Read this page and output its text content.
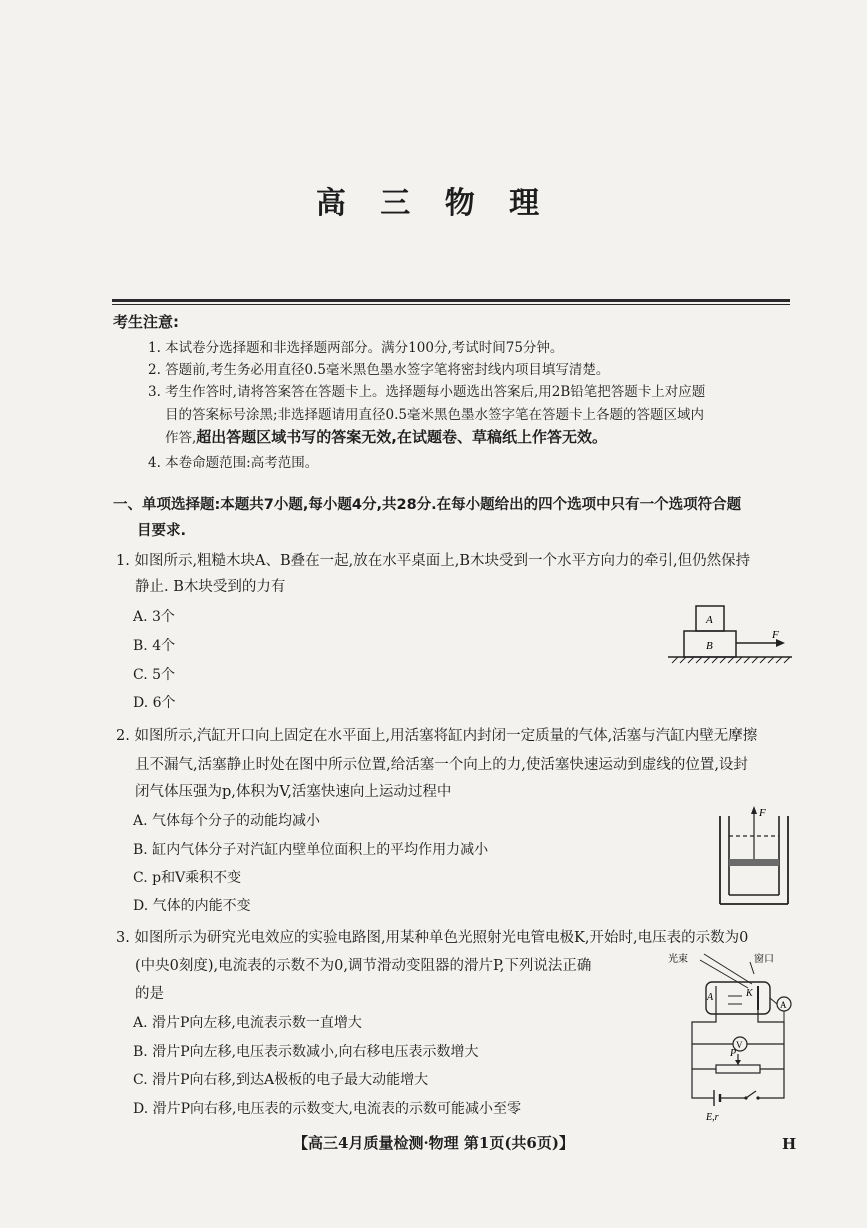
高 三 物 理
考生注意:
1. 本试卷分选择题和非选择题两部分。满分100分,考试时间75分钟。
2. 答题前,考生务必用直径0.5毫米黑色墨水签字笔将密封线内项目填写清楚。
3. 考生作答时,请将答案答在答题卡上。选择题每小题选出答案后,用2B铅笔把答题卡上对应题
目的答案标号涂黑;非选择题请用直径0.5毫米黑色墨水签字笔在答题卡上各题的答题区域内
作答,超出答题区域书写的答案无效,在试题卷、草稿纸上作答无效。
4. 本卷命题范围:高考范围。
一、单项选择题:本题共7小题,每小题4分,共28分.在每小题给出的四个选项中只有一个选项符合题
目要求.
1. 如图所示,粗糙木块A、B叠在一起,放在水平桌面上,B木块受到一个水平方向力的牵引,但仍然保持
静止. B木块受到的力有
A. 3个
B. 4个
C. 5个
D. 6个
A
B
F
2. 如图所示,汽缸开口向上固定在水平面上,用活塞将缸内封闭一定质量的气体,活塞与汽缸内壁无摩擦
且不漏气,活塞静止时处在图中所示位置,给活塞一个向上的力,使活塞快速运动到虚线的位置,设封
闭气体压强为p,体积为V,活塞快速向上运动过程中
A. 气体每个分子的动能均减小
B. 缸内气体分子对汽缸内壁单位面积上的平均作用力减小
C. p和V乘积不变
D. 气体的内能不变
F
3. 如图所示为研究光电效应的实验电路图,用某种单色光照射光电管电极K,开始时,电压表的示数为0
(中央0刻度),电流表的示数不为0,调节滑动变阻器的滑片P,下列说法正确
的是
A. 滑片P向左移,电流表示数一直增大
B. 滑片P向左移,电压表示数减小,向右移电压表示数增大
C. 滑片P向右移,到达A极板的电子最大动能增大
D. 滑片P向右移,电压表的示数变大,电流表的示数可能减小至零
光束	窗口
A	K
A
V
P
E,r
【高三4月质量检测·物理 第1页(共6页)】	H
